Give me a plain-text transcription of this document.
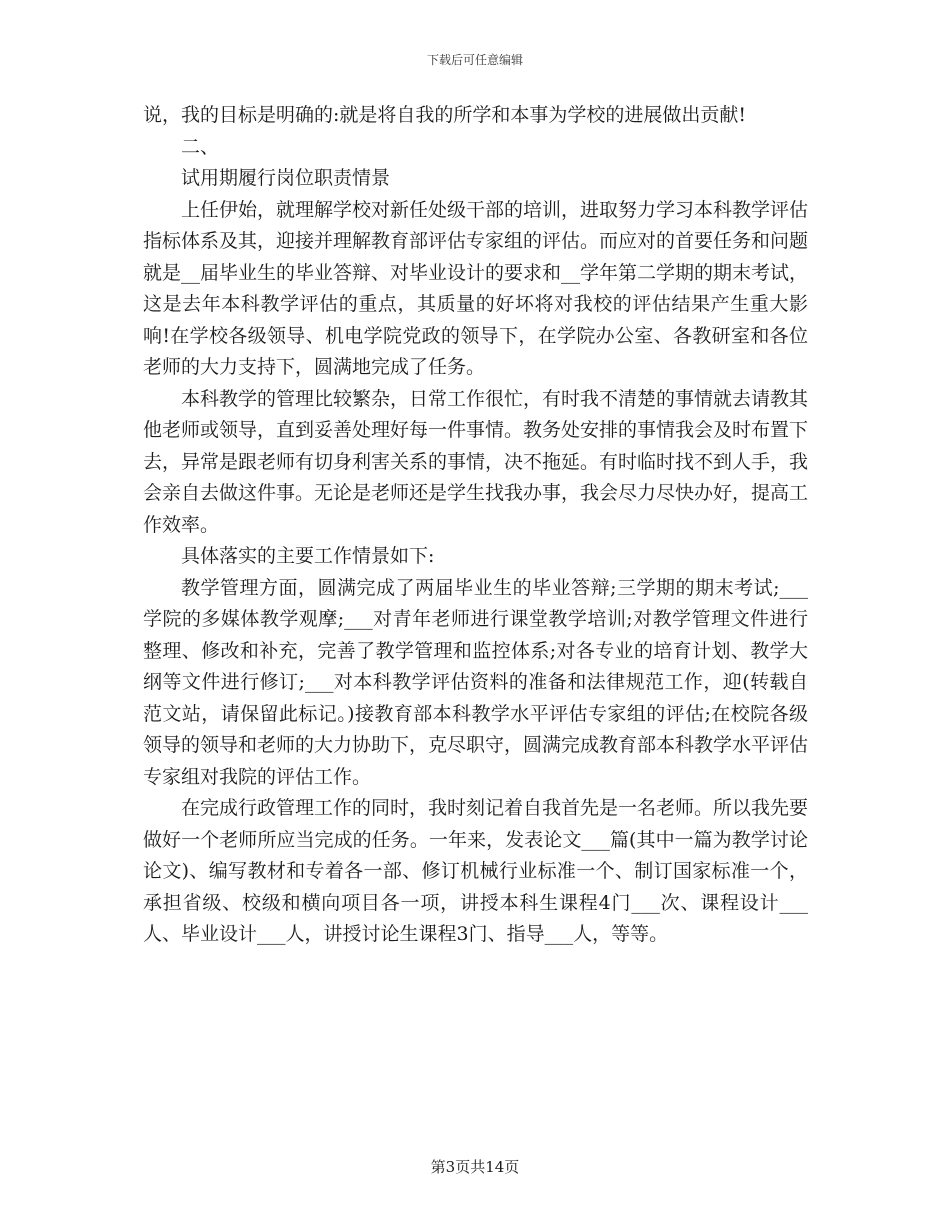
下载后可任意编辑

说，我的目标是明确的:就是将自我的所学和本事为学校的进展做出贡献!

二、

试用期履行岗位职责情景

上任伊始，就理解学校对新任处级干部的培训，进取努力学习本科教学评估指标体系及其，迎接并理解教育部评估专家组的评估。而应对的首要任务和问题就是__届毕业生的毕业答辩、对毕业设计的要求和__学年第二学期的期末考试，这是去年本科教学评估的重点，其质量的好坏将对我校的评估结果产生重大影响!在学校各级领导、机电学院党政的领导下，在学院办公室、各教研室和各位老师的大力支持下，圆满地完成了任务。

本科教学的管理比较繁杂，日常工作很忙，有时我不清楚的事情就去请教其他老师或领导，直到妥善处理好每一件事情。教务处安排的事情我会及时布置下去，异常是跟老师有切身利害关系的事情，决不拖延。有时临时找不到人手，我会亲自去做这件事。无论是老师还是学生找我办事，我会尽力尽快办好，提高工作效率。

具体落实的主要工作情景如下:

教学管理方面，圆满完成了两届毕业生的毕业答辩;三学期的期末考试;___学院的多媒体教学观摩;___对青年老师进行课堂教学培训;对教学管理文件进行整理、修改和补充，完善了教学管理和监控体系;对各专业的培育计划、教学大纲等文件进行修订;___对本科教学评估资料的准备和法律规范工作，迎(转载自范文站，请保留此标记。)接教育部本科教学水平评估专家组的评估;在校院各级领导的领导和老师的大力协助下，克尽职守，圆满完成教育部本科教学水平评估专家组对我院的评估工作。

在完成行政管理工作的同时，我时刻记着自我首先是一名老师。所以我先要做好一个老师所应当完成的任务。一年来，发表论文___篇(其中一篇为教学讨论论文)、编写教材和专着各一部、修订机械行业标准一个、制订国家标准一个，承担省级、校级和横向项目各一项，讲授本科生课程4门___次、课程设计___人、毕业设计___人，讲授讨论生课程3门、指导___人，等等。

第3页共14页
